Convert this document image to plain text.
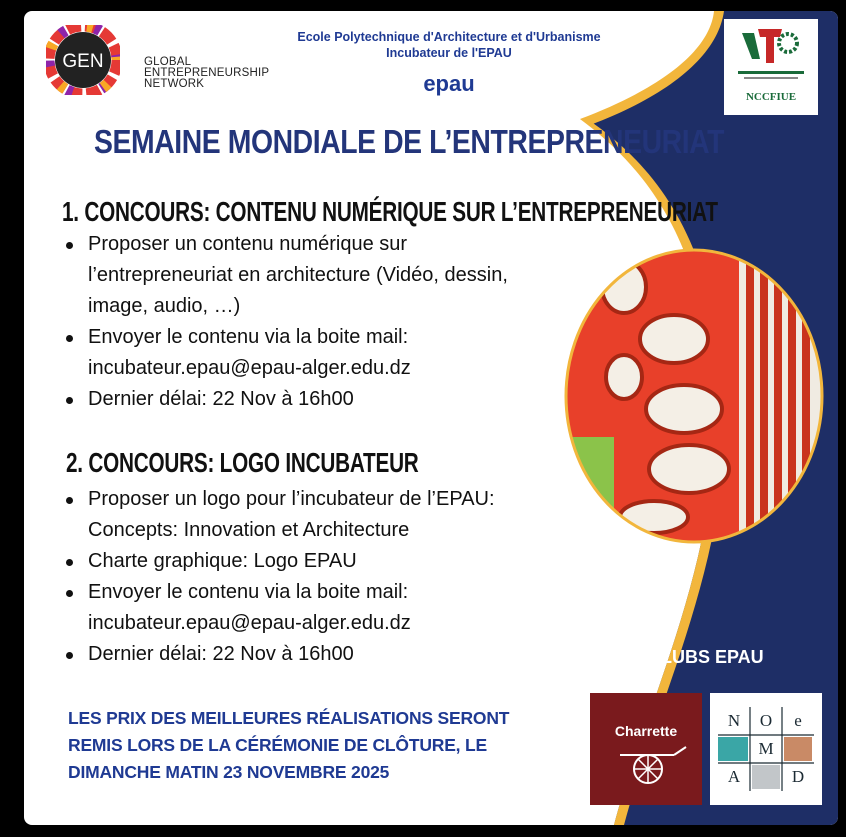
GEN	GLOBAL
ENTREPRENEURSHIP
NETWORK
Ecole Polytechnique d'Architecture et d'Urbanisme
Incubateur de l'EPAU
epau
NCCFIUE
SEMAINE MONDIALE DE L’ENTREPRENEURIAT
1. CONCOURS: CONTENU NUMÉRIQUE SUR L’ENTREPRENEURIAT
Proposer un contenu numérique sur l’entrepreneuriat en architecture (Vidéo, dessin, image, audio, …)
Envoyer le contenu via la boite mail: incubateur.epau@epau-alger.edu.dz
Dernier délai: 22 Nov à 16h00
2. CONCOURS: LOGO INCUBATEUR
Proposer un logo pour l’incubateur de l’EPAU: Concepts: Innovation et Architecture
Charte graphique: Logo EPAU
Envoyer le contenu via la boite mail: incubateur.epau@epau-alger.edu.dz
Dernier délai: 22 Nov à 16h00	CLUBS EPAU
LES PRIX DES MEILLEURES RÉALISATIONS SERONT
REMIS LORS DE LA CÉRÉMONIE DE CLÔTURE, LE
DIMANCHE MATIN 23 NOVEMBRE 2025
Charrette
N	O	e
M
A	D
